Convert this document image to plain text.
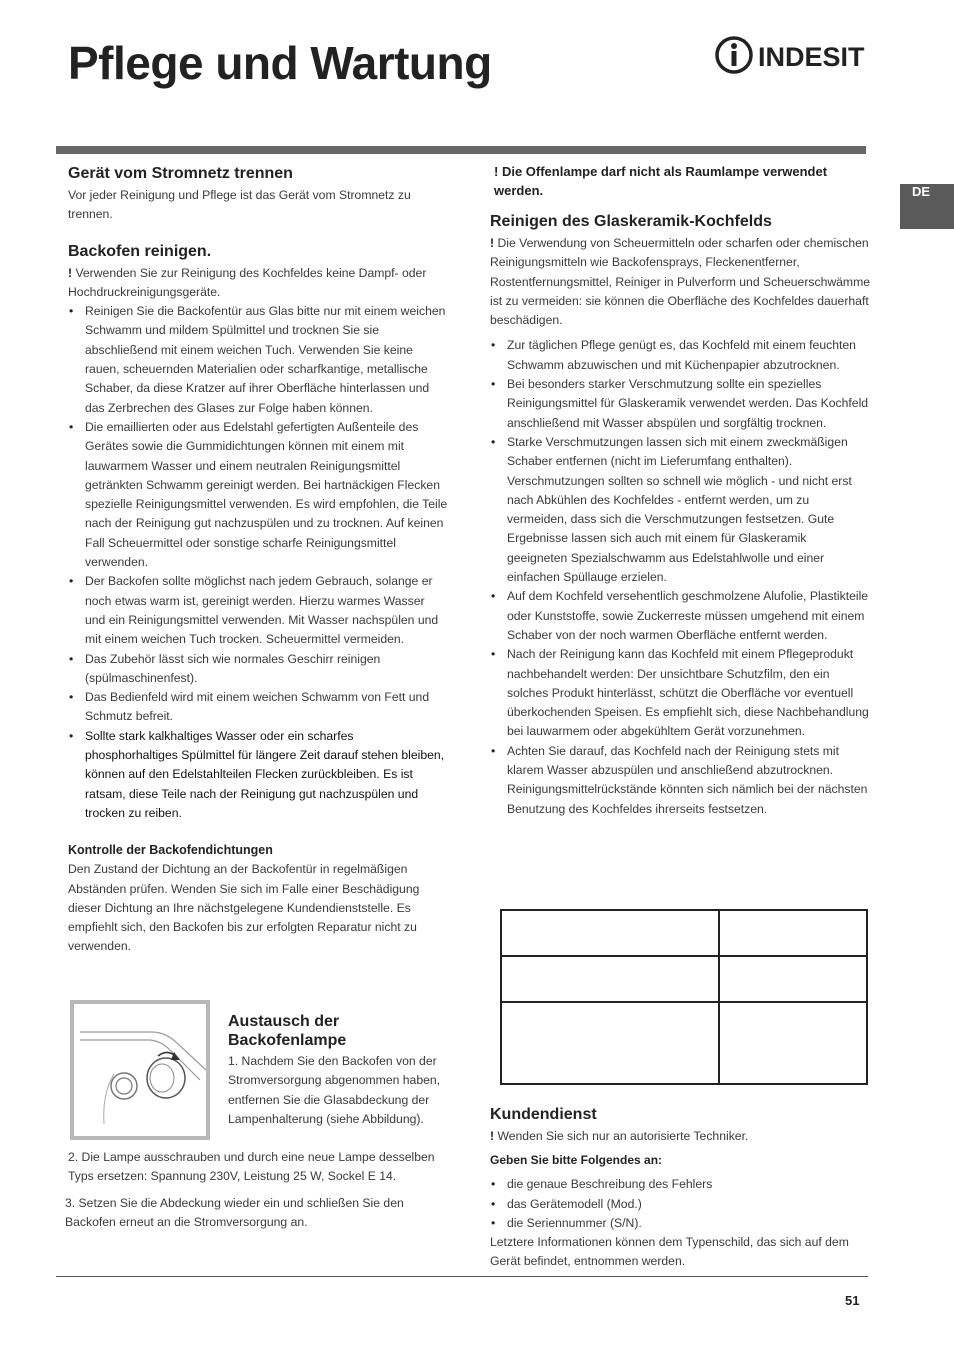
Pflege und Wartung	INDESIT
DE
Gerät vom Stromnetz trennen

Vor jeder Reinigung und Pflege ist das Gerät vom Stromnetz zu trennen.

Backofen reinigen.

! Verwenden Sie zur Reinigung des Kochfeldes keine Dampf- oder Hochdruckreinigungsgeräte.

• Reinigen Sie die Backofentür aus Glas bitte nur mit einem weichen Schwamm und mildem Spülmittel und trocknen Sie sie abschließend mit einem weichen Tuch. Verwenden Sie keine rauen, scheuernden Materialien oder scharfkantige, metallische Schaber, da diese Kratzer auf ihrer Oberfläche hinterlassen und das Zerbrechen des Glases zur Folge haben können.
• Die emaillierten oder aus Edelstahl gefertigten Außenteile des Gerätes sowie die Gummidichtungen können mit einem mit lauwarmem Wasser und einem neutralen Reinigungsmittel getränkten Schwamm gereinigt werden. Bei hartnäckigen Flecken spezielle Reinigungsmittel verwenden. Es wird empfohlen, die Teile nach der Reinigung gut nachzuspülen und zu trocknen. Auf keinen Fall Scheuermittel oder sonstige scharfe Reinigungsmittel verwenden.
• Der Backofen sollte möglichst nach jedem Gebrauch, solange er noch etwas warm ist, gereinigt werden. Hierzu warmes Wasser und ein Reinigungsmittel verwenden. Mit Wasser nachspülen und mit einem weichen Tuch trocken. Scheuermittel vermeiden.
• Das Zubehör lässt sich wie normales Geschirr reinigen (spülmaschinenfest).
• Das Bedienfeld wird mit einem weichen Schwamm von Fett und Schmutz befreit.
• Sollte stark kalkhaltiges Wasser oder ein scharfes phosphorhaltiges Spülmittel für längere Zeit darauf stehen bleiben, können auf den Edelstahlteilen Flecken zurückbleiben. Es ist ratsam, diese Teile nach der Reinigung gut nachzuspülen und trocken zu reiben.
Kontrolle der Backofendichtungen

Den Zustand der Dichtung an der Backofentür in regelmäßigen Abständen prüfen. Wenden Sie sich im Falle einer Beschädigung dieser Dichtung an Ihre nächstgelegene Kundendienststelle. Es empfiehlt sich, den Backofen bis zur erfolgten Reparatur nicht zu verwenden.

Austausch der Backofenlampe

1. Nachdem Sie den Backofen von der Stromversorgung abgenommen haben, entfernen Sie die Glasabdeckung der Lampenhalterung (siehe Abbildung).

2. Die Lampe ausschrauben und durch eine neue Lampe desselben Typs ersetzen: Spannung 230V, Leistung 25 W, Sockel E 14.

3. Setzen Sie die Abdeckung wieder ein und schließen Sie den Backofen erneut an die Stromversorgung an.

! Die Offenlampe darf nicht als Raumlampe verwendet werden.

Reinigen des Glaskeramik-Kochfelds

! Die Verwendung von Scheuermitteln oder scharfen oder chemischen Reinigungsmitteln wie Backofensprays, Fleckenentferner, Rostentfernungsmittel, Reiniger in Pulverform und Scheuerschwämme ist zu vermeiden: sie können die Oberfläche des Kochfeldes dauerhaft beschädigen.

• Zur täglichen Pflege genügt es, das Kochfeld mit einem feuchten Schwamm abzuwischen und mit Küchenpapier abzutrocknen.
• Bei besonders starker Verschmutzung sollte ein spezielles Reinigungsmittel für Glaskeramik verwendet werden. Das Kochfeld anschließend mit Wasser abspülen und sorgfältig trocknen.
• Starke Verschmutzungen lassen sich mit einem zweckmäßigen Schaber entfernen (nicht im Lieferumfang enthalten). Verschmutzungen sollten so schnell wie möglich - und nicht erst nach Abkühlen des Kochfeldes - entfernt werden, um zu vermeiden, dass sich die Verschmutzungen festsetzen. Gute Ergebnisse lassen sich auch mit einem für Glaskeramik geeigneten Spezialschwamm aus Edelstahlwolle und einer einfachen Spüllauge erzielen.
• Auf dem Kochfeld versehentlich geschmolzene Alufolie, Plastikteile oder Kunststoffe, sowie Zuckerreste müssen umgehend mit einem Schaber von der noch warmen Oberfläche entfernt werden.
• Nach der Reinigung kann das Kochfeld mit einem Pflegeprodukt nachbehandelt werden: Der unsichtbare Schutzfilm, den ein solches Produkt hinterlässt, schützt die Oberfläche vor eventuell überkochenden Speisen. Es empfiehlt sich, diese Nachbehandlung bei lauwarmem oder abgekühltem Gerät vorzunehmen.
• Achten Sie darauf, das Kochfeld nach der Reinigung stets mit klarem Wasser abzuspülen und anschließend abzutrocknen. Reinigungsmittelrückstände könnten sich nämlich bei der nächsten Benutzung des Kochfeldes ihrerseits festsetzen.

Kundendienst

! Wenden Sie sich nur an autorisierte Techniker.

Geben Sie bitte Folgendes an:
• die genaue Beschreibung des Fehlers
• das Gerätemodell (Mod.)
• die Seriennummer (S/N).

Letztere Informationen können dem Typenschild, das sich auf dem Gerät befindet, entnommen werden.

51
